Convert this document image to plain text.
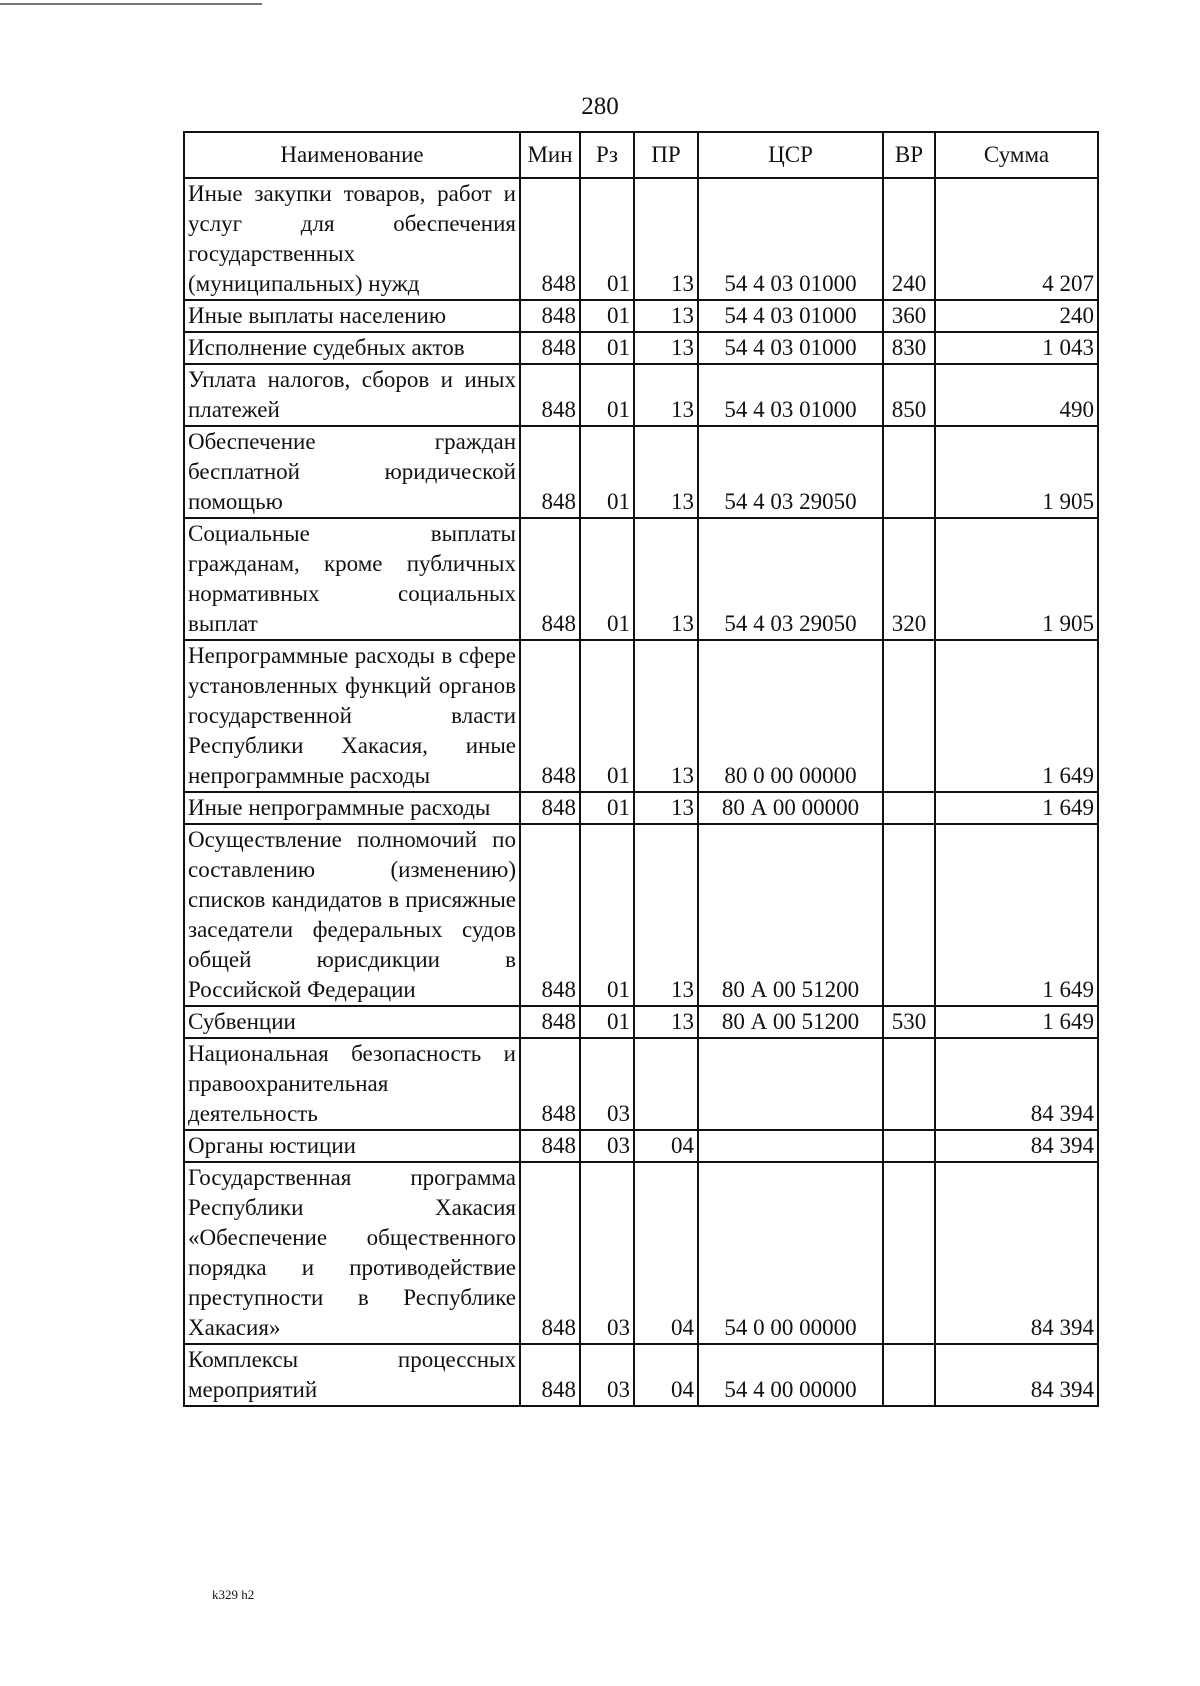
280
Наименование	Мин	Рз	ПР	ЦСР	ВР	Сумма
Иные закупки товаров, работ и услуг для обеспечения государственных (муниципальных) нужд	848	01	13	54 4 03 01000	240	4 207
Иные выплаты населению	848	01	13	54 4 03 01000	360	240
Исполнение судебных актов	848	01	13	54 4 03 01000	830	1 043
Уплата налогов, сборов и иных платежей	848	01	13	54 4 03 01000	850	490
Обеспечение граждан бесплатной юридической помощью	848	01	13	54 4 03 29050		1 905
Социальные выплаты гражданам, кроме публичных нормативных социальных выплат	848	01	13	54 4 03 29050	320	1 905
Непрограммные расходы в сфере установленных функций органов государственной власти Республики Хакасия, иные непрограммные расходы	848	01	13	80 0 00 00000		1 649
Иные непрограммные расходы	848	01	13	80 А 00 00000		1 649
Осуществление полномочий по составлению (изменению) списков кандидатов в присяжные заседатели федеральных судов общей юрисдикции в Российской Федерации	848	01	13	80 А 00 51200		1 649
Субвенции	848	01	13	80 А 00 51200	530	1 649
Национальная безопасность и правоохранительная деятельность	848	03				84 394
Органы юстиции	848	03	04			84 394
Государственная программа Республики Хакасия «Обеспечение общественного порядка и противодействие преступности в Республике Хакасия»	848	03	04	54 0 00 00000		84 394
Комплексы процессных мероприятий	848	03	04	54 4 00 00000		84 394
k329 h2
